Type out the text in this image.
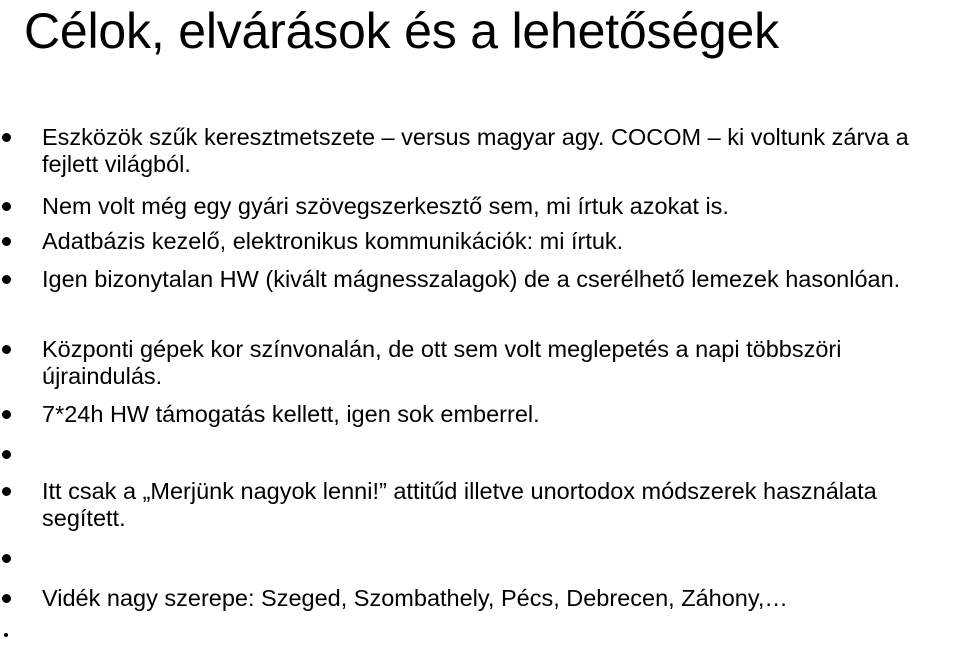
Célok, elvárások és a lehetőségek
Eszközök szűk keresztmetszete – versus magyar agy. COCOM – ki voltunk zárva a fejlett világból.
Nem volt még egy gyári szövegszerkesztő sem, mi írtuk azokat is.
Adatbázis kezelő, elektronikus kommunikációk: mi írtuk.
Igen bizonytalan HW (kivált mágnesszalagok) de a cserélhető lemezek hasonlóan.
Központi gépek kor színvonalán, de ott sem volt meglepetés a napi többszöri újraindulás.
7*24h HW támogatás kellett, igen sok emberrel.
Itt csak a „Merjünk nagyok lenni!” attitűd illetve unortodox módszerek használata segített.
Vidék nagy szerepe: Szeged, Szombathely, Pécs, Debrecen, Záhony,…
